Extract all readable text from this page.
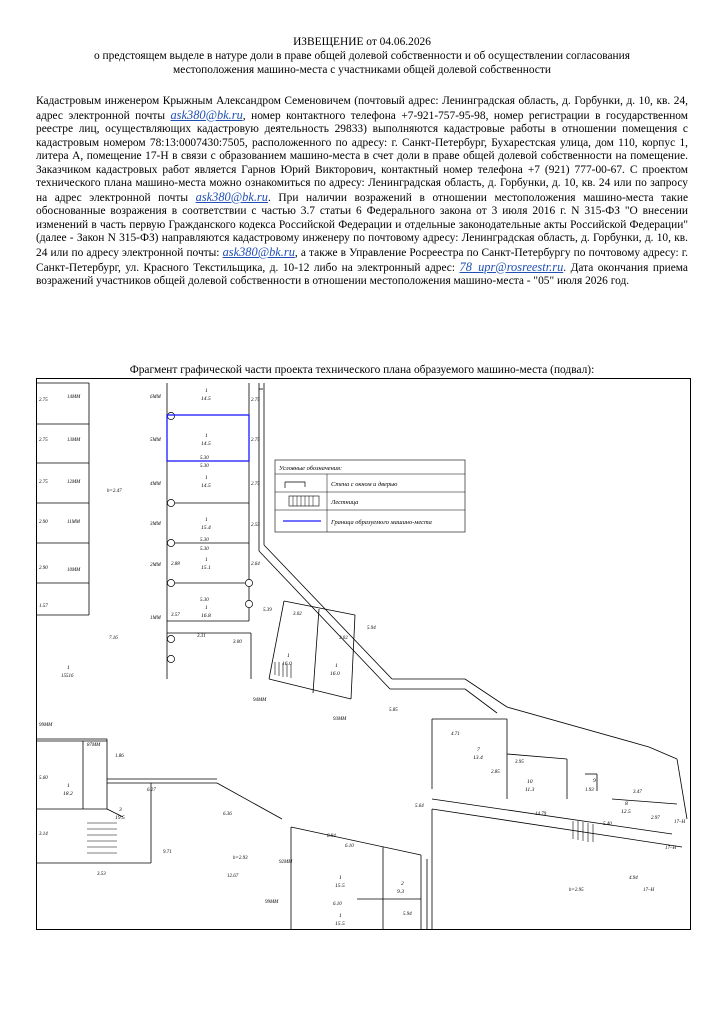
ИЗВЕЩЕНИЕ от 04.06.2026
о предстоящем выделе в натуре доли в праве общей долевой собственности и об осуществлении согласования
местоположения машино-места с участниками общей долевой собственности

Кадастровым инженером Крыжным Александром Семеновичем (почтовый адрес: Ленинградская область, д. Горбунки, д. 10, кв. 24, адрес электронной почты ask380@bk.ru, номер контактного телефона +7-921-757-95-98, номер регистрации в государственном реестре лиц, осуществляющих кадастровую деятельность 29833) выполняются кадастровые работы в отношении помещения с кадастровым номером 78:13:0007430:7505, расположенного по адресу: г. Санкт-Петербург, Бухарестская улица, дом 110, корпус 1, литера А, помещение 17-Н в связи с образованием машино-места в счет доли в праве общей долевой собственности на помещение. Заказчиком кадастровых работ является Гарнов Юрий Викторович, контактный номер телефона +7 (921) 777-00-67. С проектом технического плана машино-места можно ознакомиться по адресу: Ленинградская область, д. Горбунки, д. 10, кв. 24 или по запросу на адрес электронной почты ask380@bk.ru. При наличии возражений в отношении местоположения машино-места такие обоснованные возражения в соответствии с частью 3.7 статьи 6 Федерального закона от 3 июля 2016 г. N 315-ФЗ "О внесении изменений в часть первую Гражданского кодекса Российской Федерации и отдельные законодательные акты Российской Федерации" (далее - Закон N 315-ФЗ) направляются кадастровому инженеру по почтовому адресу: Ленинградская область, д. Горбунки, д. 10, кв. 24 или по адресу электронной почты: ask380@bk.ru, а также в Управление Росреестра по Санкт-Петербургу по почтовому адресу: г. Санкт-Петербург, ул. Красного Текстильщика, д. 10-12 либо на электронный адрес: 78_upr@rosreestr.ru. Дата окончания приема возражений участников общей долевой собственности в отношении местоположения машино-места - "05" июля 2026 год.

Фрагмент графической части проекта технического плана образуемого машино-места (подвал):
Условные обозначения:
Стена с окном и дверью
Лестница
Граница образуемого машино-места
14ММ
13ММ
12ММ
11ММ
10ММ
h=2.47
6ММ
5ММ
4ММ
3ММ
2ММ
1ММ
1
14.5
1
14.5
5.30
5.30
1
14.5
1
15.4
5.30
5.30
1
15.1
5.30
1
16.8
2.75
2.75
2.75
2.55
2.64
2.88
3.57
2.75
2.75
2.75
2.90
2.90
1.57
7.16	3.31
3.00
5.39
1
15516
3.02
3.02
1
16.0	1
16.0
94ММ
93ММ
5.94
5.85
99ММ
87ММ
1.86
5.60
1
18.2
6.27
3
19.5
3.14
3.53
9.71
6.36
h=2.93
12.67
8.94
6.10
92ММ
1
15.5	2
9.3
99ММ	6.10
1
15.5
5.94
5.64
4.71
7
13.4
2.85
3.95
10
11.3
9
1.93
8
12.5
3.47
2.97
14.79
5.40	17–Н
17–Н
17–Н
4.94
h=2.95
